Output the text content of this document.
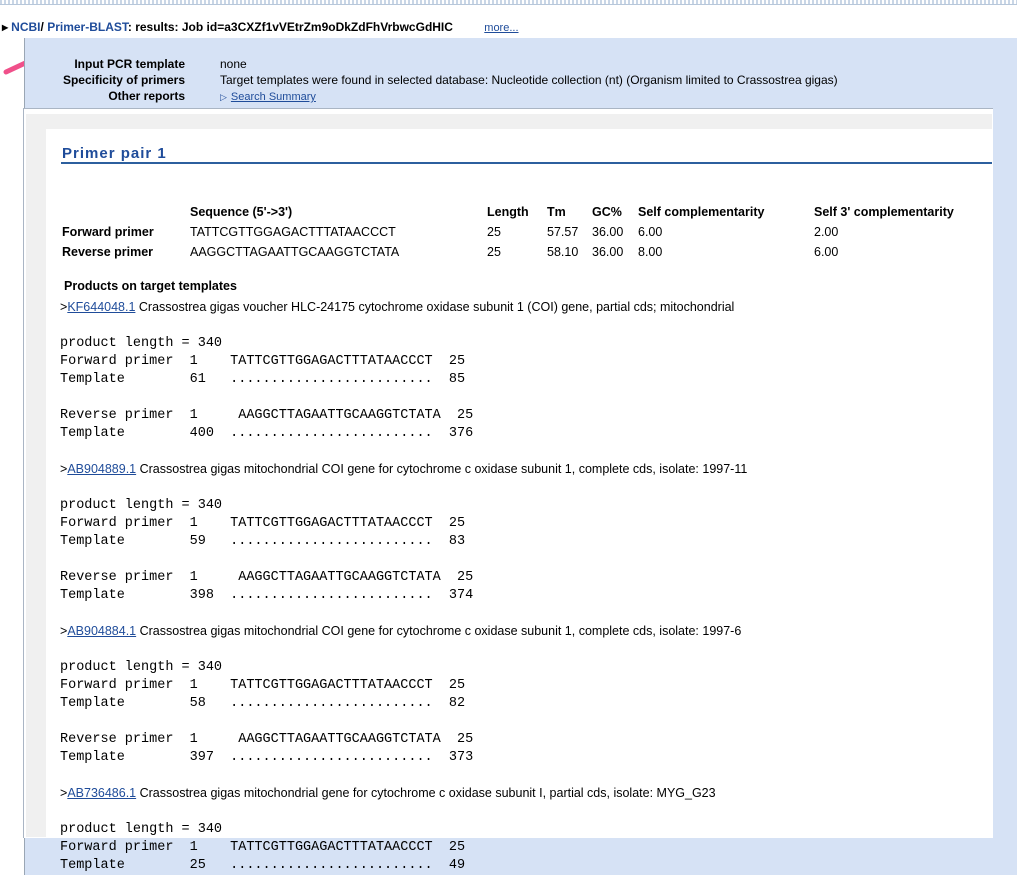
▶ NCBI/ Primer-BLAST: results: Job id=a3CXZf1vVEtrZm9oDkZdFhVrbwcGdHIC	more...
Input PCR template	none
Specificity of primers	Target templates were found in selected database: Nucleotide collection (nt) (Organism limited to Crassostrea gigas)
Other reports	▷ Search Summary
Primer pair 1
Sequence (5'->3')	Length Tm GC% Self complementarity	Self 3' complementarity
Forward primer	TATTCGTTGGAGACTTTATAACCCT	25	57.57 36.00 6.00	2.00
Reverse primer	AAGGCTTAGAATTGCAAGGTCTATA	25	58.10 36.00 8.00	6.00
Products on target templates
>KF644048.1 Crassostrea gigas voucher HLC-24175 cytochrome oxidase subunit 1 (COI) gene, partial cds; mitochondrial
product length = 340
Forward primer  1    TATTCGTTGGAGACTTTATAACCCT  25
Template        61   .........................  85
Reverse primer  1     AAGGCTTAGAATTGCAAGGTCTATA  25
Template        400  .........................  376
>AB904889.1 Crassostrea gigas mitochondrial COI gene for cytochrome c oxidase subunit 1, complete cds, isolate: 1997-11
product length = 340
Forward primer  1    TATTCGTTGGAGACTTTATAACCCT  25
Template        59   .........................  83
Reverse primer  1     AAGGCTTAGAATTGCAAGGTCTATA  25
Template        398  .........................  374
>AB904884.1 Crassostrea gigas mitochondrial COI gene for cytochrome c oxidase subunit 1, complete cds, isolate: 1997-6
product length = 340
Forward primer  1    TATTCGTTGGAGACTTTATAACCCT  25
Template        58   .........................  82
Reverse primer  1     AAGGCTTAGAATTGCAAGGTCTATA  25
Template        397  .........................  373
>AB736486.1 Crassostrea gigas mitochondrial gene for cytochrome c oxidase subunit I, partial cds, isolate: MYG_G23
product length = 340
Forward primer  1    TATTCGTTGGAGACTTTATAACCCT  25
Template        25   .........................  49
